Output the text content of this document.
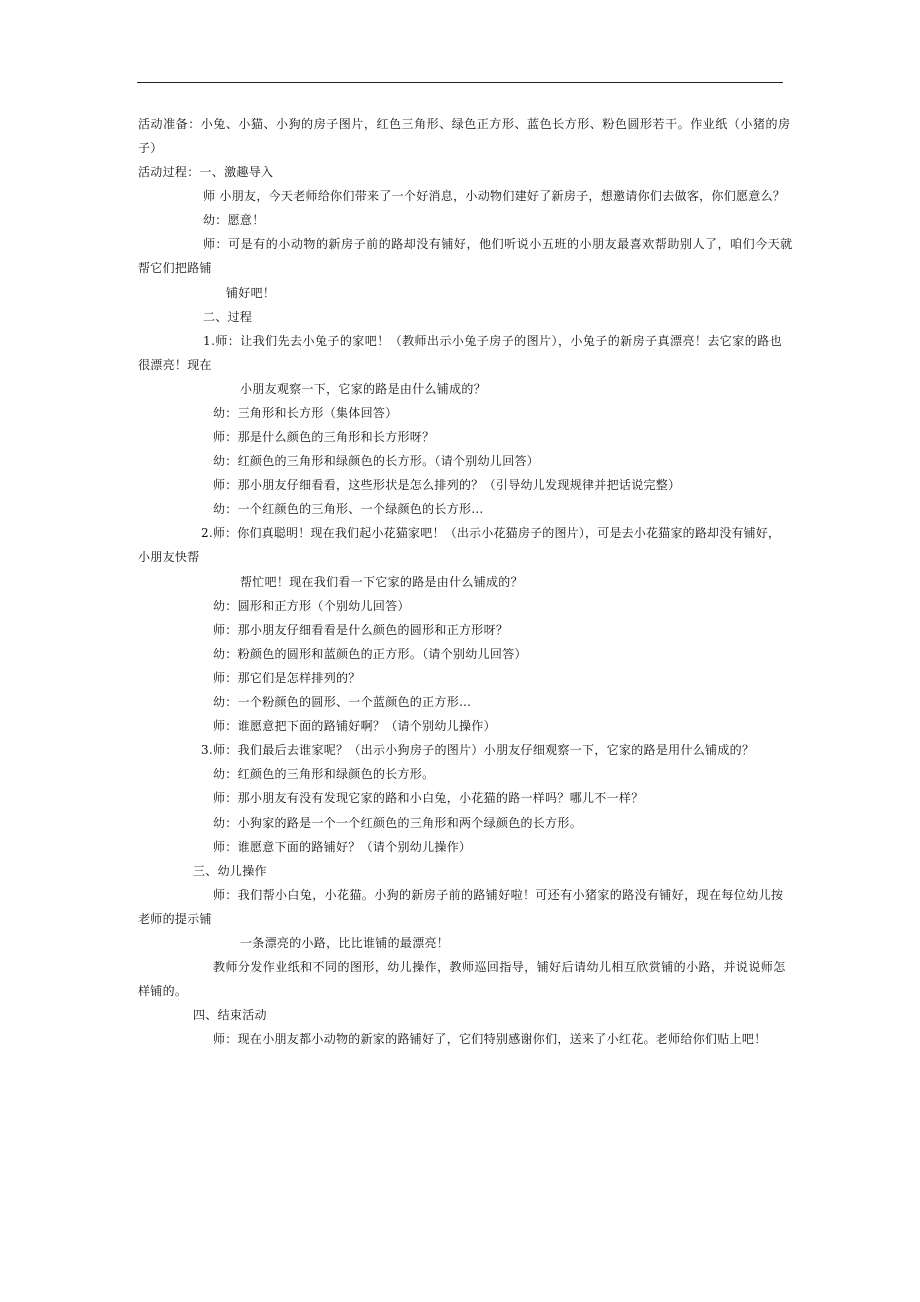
活动准备：小兔、小猫、小狗的房子图片，红色三角形、绿色正方形、蓝色长方形、粉色圆形若干。作业纸（小猪的房
子）
活动过程：一、激趣导入
师 小朋友，今天老师给你们带来了一个好消息，小动物们建好了新房子，想邀请你们去做客，你们愿意么？
幼：愿意！
师：可是有的小动物的新房子前的路却没有铺好，他们听说小五班的小朋友最喜欢帮助别人了，咱们今天就
帮它们把路铺
铺好吧！
二、过程
1.师：让我们先去小兔子的家吧！（教师出示小兔子房子的图片），小兔子的新房子真漂亮！去它家的路也
很漂亮！现在
小朋友观察一下，它家的路是由什么铺成的？
幼：三角形和长方形（集体回答）
师：那是什么颜色的三角形和长方形呀？
幼：红颜色的三角形和绿颜色的长方形。（请个别幼儿回答）
师：那小朋友仔细看看，这些形状是怎么排列的？（引导幼儿发现规律并把话说完整）
幼：一个红颜色的三角形、一个绿颜色的长方形…
2.师：你们真聪明！现在我们起小花猫家吧！（出示小花猫房子的图片），可是去小花猫家的路却没有铺好，
小朋友快帮
帮忙吧！现在我们看一下它家的路是由什么铺成的？
幼：圆形和正方形（个别幼儿回答）
师：那小朋友仔细看看是什么颜色的圆形和正方形呀？
幼：粉颜色的圆形和蓝颜色的正方形。（请个别幼儿回答）
师：那它们是怎样排列的？
幼：一个粉颜色的圆形、一个蓝颜色的正方形…
师：谁愿意把下面的路铺好啊？（请个别幼儿操作）
3.师：我们最后去谁家呢？（出示小狗房子的图片）小朋友仔细观察一下，它家的路是用什么铺成的？
幼：红颜色的三角形和绿颜色的长方形。
师：那小朋友有没有发现它家的路和小白兔，小花猫的路一样吗？哪儿不一样？
幼：小狗家的路是一个一个红颜色的三角形和两个绿颜色的长方形。
师：谁愿意下面的路铺好？（请个别幼儿操作）
三、幼儿操作
师：我们帮小白兔，小花猫。小狗的新房子前的路铺好啦！可还有小猪家的路没有铺好，现在每位幼儿按
老师的提示铺
一条漂亮的小路，比比谁铺的最漂亮！
教师分发作业纸和不同的图形，幼儿操作，教师巡回指导，铺好后请幼儿相互欣赏铺的小路，并说说师怎
样铺的。
四、结束活动
师：现在小朋友都小动物的新家的路铺好了，它们特别感谢你们，送来了小红花。老师给你们贴上吧！
